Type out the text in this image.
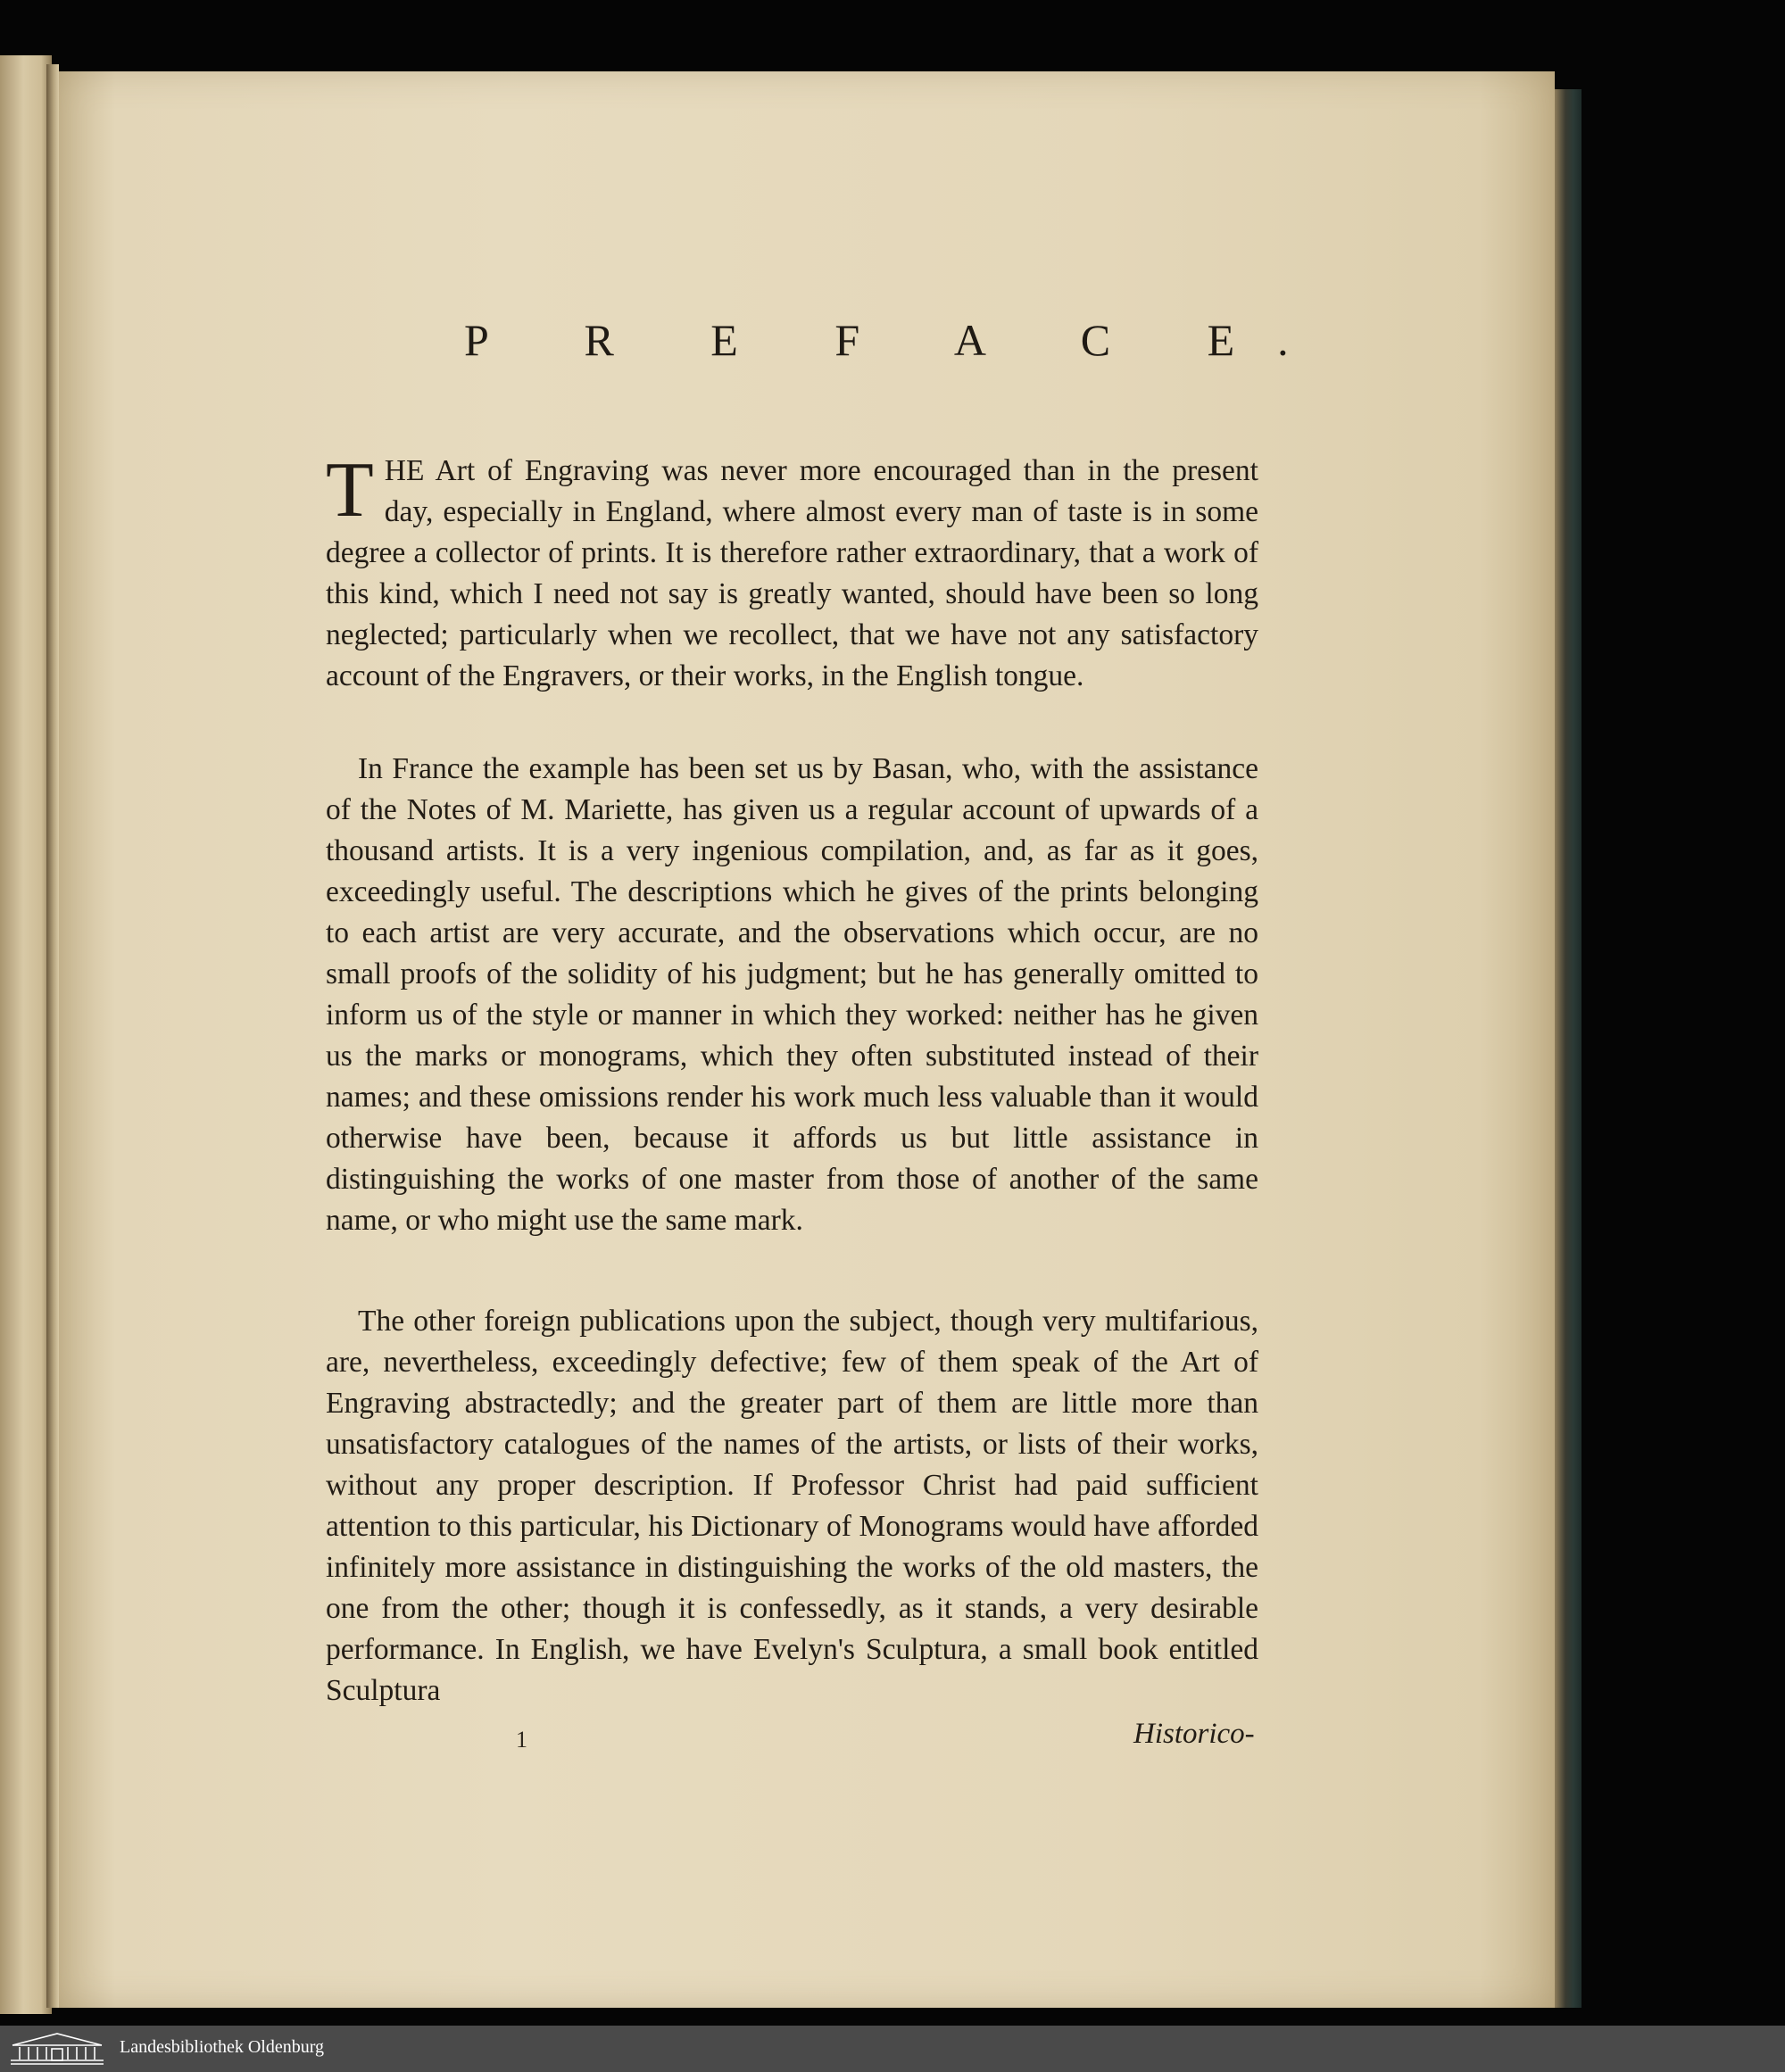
P R E F A C E.

THE Art of Engraving was never more encouraged than in the present day, especially in England, where almost every man of taste is in some degree a collector of prints. It is therefore rather extraordinary, that a work of this kind, which I need not say is greatly wanted, should have been so long neglected; particularly when we recollect, that we have not any satisfactory account of the Engravers, or their works, in the English tongue.

In France the example has been set us by Basan, who, with the assistance of the Notes of M. Mariette, has given us a regular account of upwards of a thousand artists. It is a very ingenious compilation, and, as far as it goes, exceedingly useful. The descriptions which he gives of the prints belonging to each artist are very accurate, and the observations which occur, are no small proofs of the solidity of his judgment; but he has generally omitted to inform us of the style or manner in which they worked: neither has he given us the marks or monograms, which they often substituted instead of their names; and these omissions render his work much less valuable than it would otherwise have been, because it affords us but little assistance in distinguishing the works of one master from those of another of the same name, or who might use the same mark.

The other foreign publications upon the subject, though very multifarious, are, nevertheless, exceedingly defective; few of them speak of the Art of Engraving abstractedly; and the greater part of them are little more than unsatisfactory catalogues of the names of the artists, or lists of their works, without any proper description. If Professor Christ had paid sufficient attention to this particular, his Dictionary of Monograms would have afforded infinitely more assistance in distinguishing the works of the old masters, the one from the other; though it is confessedly, as it stands, a very desirable performance. In English, we have Evelyn's Sculptura, a small book entitled Sculptura

1	Historico-
Landesbibliothek Oldenburg
